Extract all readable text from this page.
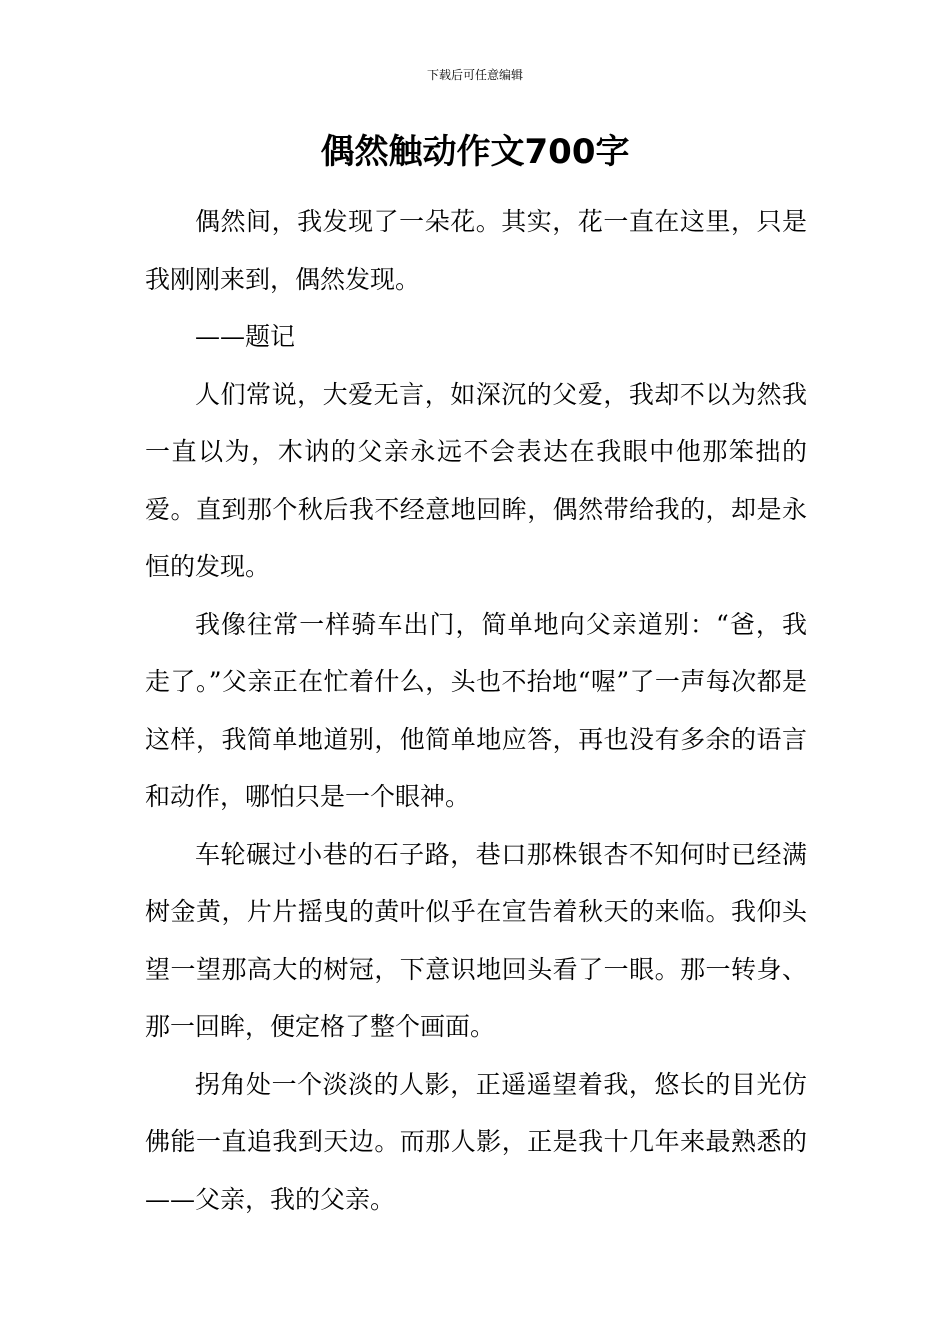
下载后可任意编辑
偶然触动作文700字

偶然间，我发现了一朵花。其实，花一直在这里，只是我刚刚来到，偶然发现。

——题记

人们常说，大爱无言，如深沉的父爱，我却不以为然我一直以为，木讷的父亲永远不会表达在我眼中他那笨拙的爱。直到那个秋后我不经意地回眸，偶然带给我的，却是永恒的发现。

我像往常一样骑车出门，简单地向父亲道别：“爸，我走了。”父亲正在忙着什么，头也不抬地“喔”了一声每次都是这样，我简单地道别，他简单地应答，再也没有多余的语言和动作，哪怕只是一个眼神。

车轮碾过小巷的石子路，巷口那株银杏不知何时已经满树金黄，片片摇曳的黄叶似乎在宣告着秋天的来临。我仰头望一望那高大的树冠，下意识地回头看了一眼。那一转身、那一回眸，便定格了整个画面。

拐角处一个淡淡的人影，正遥遥望着我，悠长的目光仿佛能一直追我到天边。而那人影，正是我十几年来最熟悉的——父亲，我的父亲。
